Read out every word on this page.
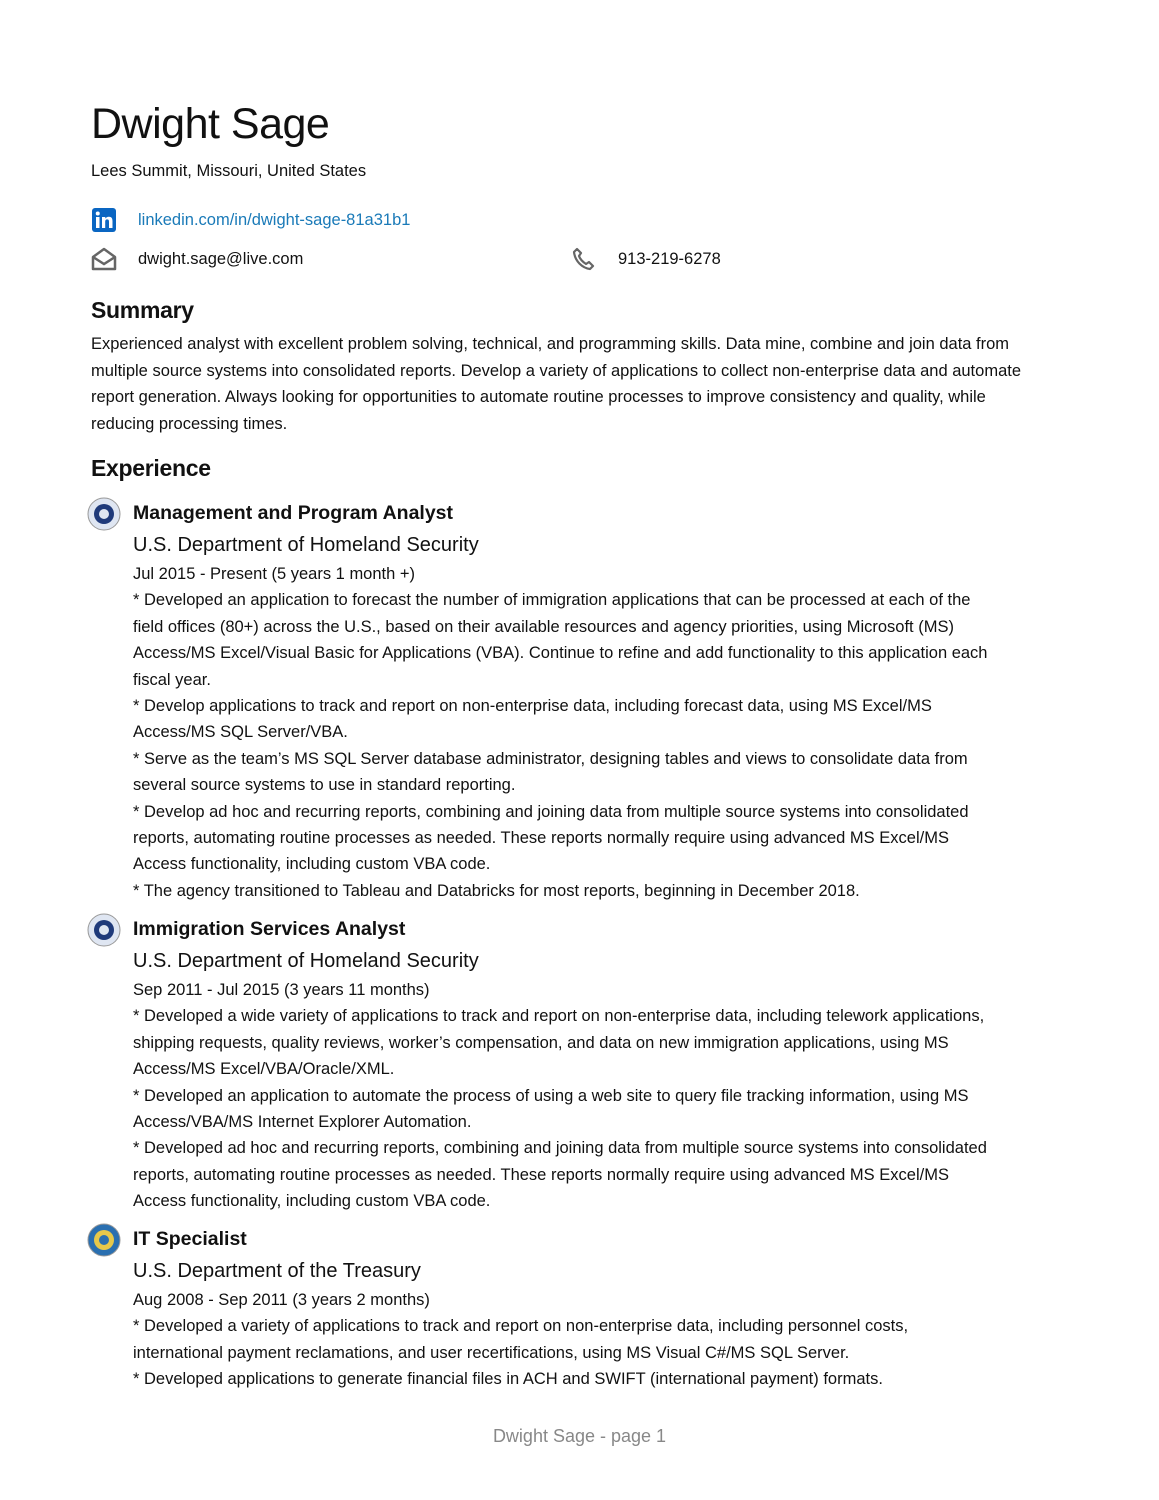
Dwight Sage
Lees Summit, Missouri, United States
linkedin.com/in/dwight-sage-81a31b1
dwight.sage@live.com	913-219-6278
Summary
Experienced analyst with excellent problem solving, technical, and programming skills. Data mine, combine and join data from multiple source systems into consolidated reports. Develop a variety of applications to collect non-enterprise data and automate report generation. Always looking for opportunities to automate routine processes to improve consistency and quality, while reducing processing times.
Experience
Management and Program Analyst
U.S. Department of Homeland Security
Jul 2015 - Present (5 years 1 month +)
* Developed an application to forecast the number of immigration applications that can be processed at each of the field offices (80+) across the U.S., based on their available resources and agency priorities, using Microsoft (MS) Access/MS Excel/Visual Basic for Applications (VBA). Continue to refine and add functionality to this application each fiscal year.
* Develop applications to track and report on non-enterprise data, including forecast data, using MS Excel/MS Access/MS SQL Server/VBA.
* Serve as the team’s MS SQL Server database administrator, designing tables and views to consolidate data from several source systems to use in standard reporting.
* Develop ad hoc and recurring reports, combining and joining data from multiple source systems into consolidated reports, automating routine processes as needed. These reports normally require using advanced MS Excel/MS Access functionality, including custom VBA code.
* The agency transitioned to Tableau and Databricks for most reports, beginning in December 2018.
Immigration Services Analyst
U.S. Department of Homeland Security
Sep 2011 - Jul 2015 (3 years 11 months)
* Developed a wide variety of applications to track and report on non-enterprise data, including telework applications, shipping requests, quality reviews, worker’s compensation, and data on new immigration applications, using MS Access/MS Excel/VBA/Oracle/XML.
* Developed an application to automate the process of using a web site to query file tracking information, using MS Access/VBA/MS Internet Explorer Automation.
* Developed ad hoc and recurring reports, combining and joining data from multiple source systems into consolidated reports, automating routine processes as needed. These reports normally require using advanced MS Excel/MS Access functionality, including custom VBA code.
IT Specialist
U.S. Department of the Treasury
Aug 2008 - Sep 2011 (3 years 2 months)
* Developed a variety of applications to track and report on non-enterprise data, including personnel costs, international payment reclamations, and user recertifications, using MS Visual C#/MS SQL Server.
* Developed applications to generate financial files in ACH and SWIFT (international payment) formats.
Dwight Sage - page 1
